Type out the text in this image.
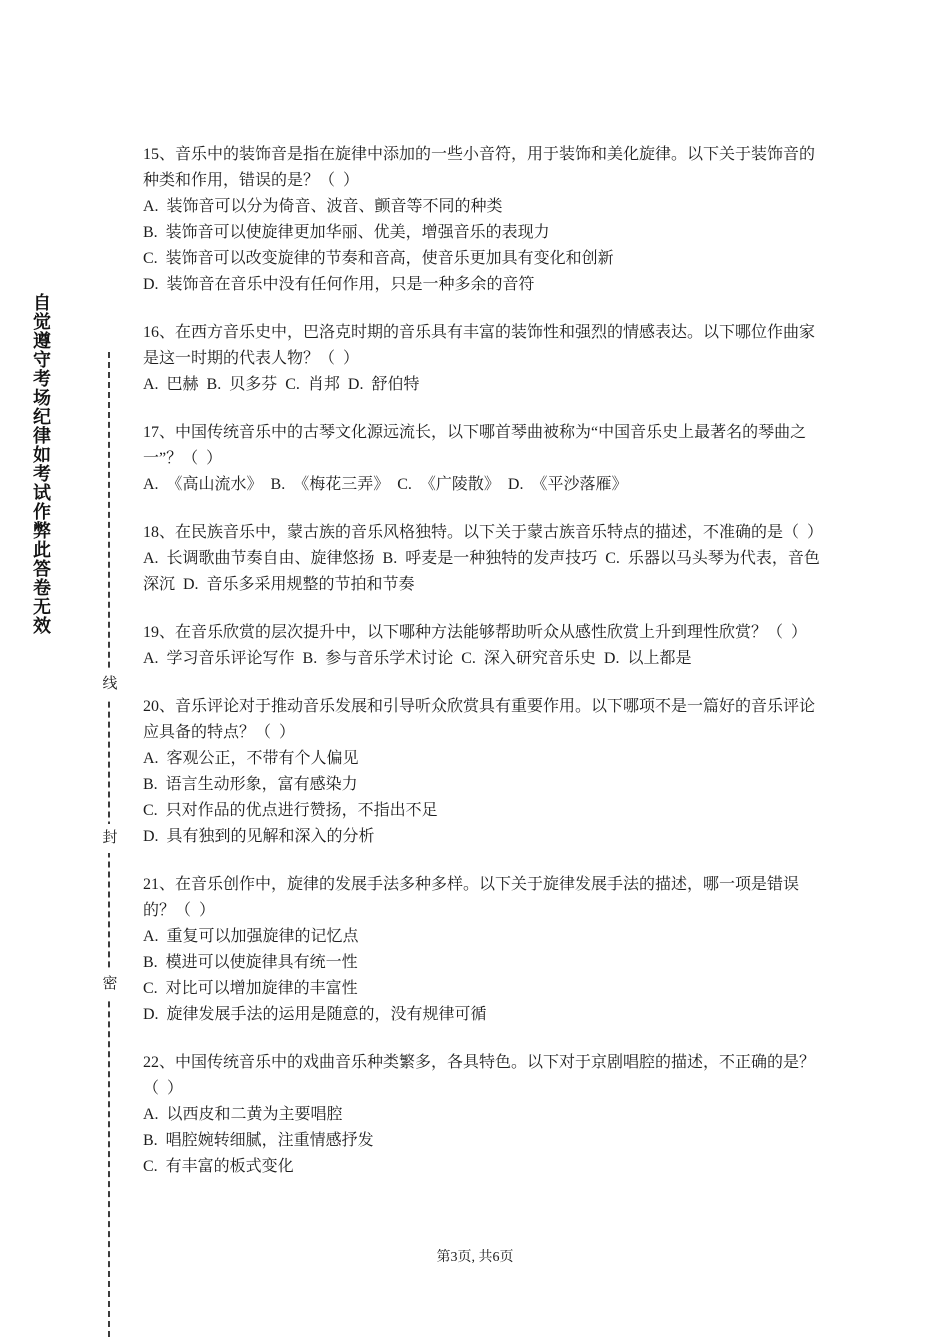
自觉遵守考场纪律如考试作弊此答卷无效
线
封
密

15、音乐中的装饰音是指在旋律中添加的一些小音符，用于装饰和美化旋律。以下关于装饰音的种类和作用，错误的是？（  ）

A.  装饰音可以分为倚音、波音、颤音等不同的种类

B.  装饰音可以使旋律更加华丽、优美，增强音乐的表现力

C.  装饰音可以改变旋律的节奏和音高，使音乐更加具有变化和创新

D.  装饰音在音乐中没有任何作用，只是一种多余的音符

16、在西方音乐史中，巴洛克时期的音乐具有丰富的装饰性和强烈的情感表达。以下哪位作曲家是这一时期的代表人物？（  ）

A.  巴赫  B.  贝多芬  C.  肖邦  D.  舒伯特

17、中国传统音乐中的古琴文化源远流长，以下哪首琴曲被称为“中国音乐史上最著名的琴曲之一”？（  ）

A.  《高山流水》  B.  《梅花三弄》  C.  《广陵散》  D.  《平沙落雁》

18、在民族音乐中，蒙古族的音乐风格独特。以下关于蒙古族音乐特点的描述，不准确的是（  ）

A.  长调歌曲节奏自由、旋律悠扬  B.  呼麦是一种独特的发声技巧  C.  乐器以马头琴为代表，音色深沉  D.  音乐多采用规整的节拍和节奏

19、在音乐欣赏的层次提升中，以下哪种方法能够帮助听众从感性欣赏上升到理性欣赏？（  ）

A.  学习音乐评论写作  B.  参与音乐学术讨论  C.  深入研究音乐史  D.  以上都是

20、音乐评论对于推动音乐发展和引导听众欣赏具有重要作用。以下哪项不是一篇好的音乐评论应具备的特点？（  ）

A.  客观公正，不带有个人偏见

B.  语言生动形象，富有感染力

C.  只对作品的优点进行赞扬，不指出不足

D.  具有独到的见解和深入的分析

21、在音乐创作中，旋律的发展手法多种多样。以下关于旋律发展手法的描述，哪一项是错误的？（  ）

A.  重复可以加强旋律的记忆点

B.  模进可以使旋律具有统一性

C.  对比可以增加旋律的丰富性

D.  旋律发展手法的运用是随意的，没有规律可循

22、中国传统音乐中的戏曲音乐种类繁多，各具特色。以下对于京剧唱腔的描述，不正确的是？（  ）

A.  以西皮和二黄为主要唱腔

B.  唱腔婉转细腻，注重情感抒发

C.  有丰富的板式变化

第3页, 共6页
